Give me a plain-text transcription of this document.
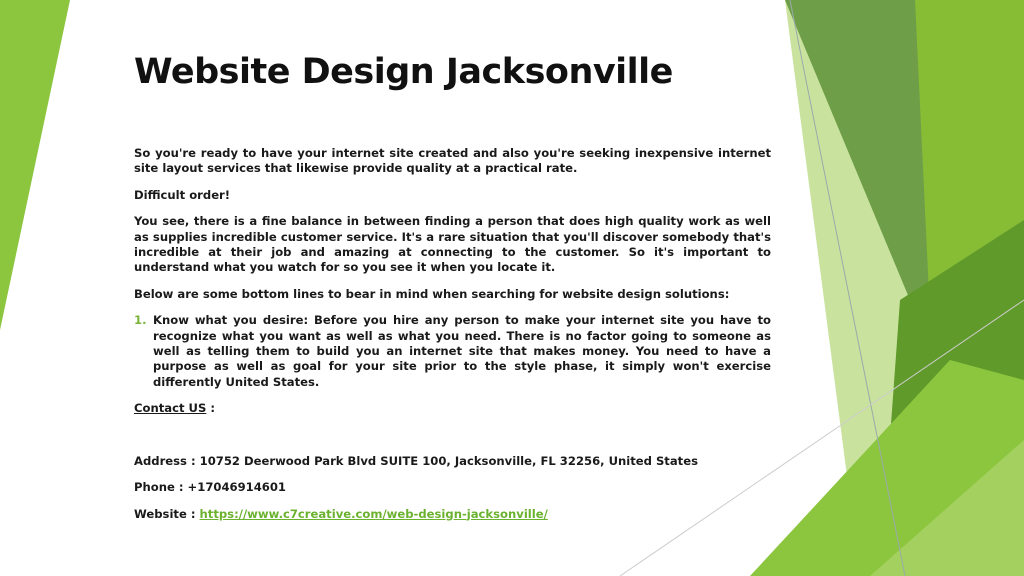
Website Design Jacksonville

So you're ready to have your internet site created and also you're seeking inexpensive internet site layout services that likewise provide quality at a practical rate.

Difficult order!

You see, there is a fine balance in between finding a person that does high quality work as well as supplies incredible customer service. It's a rare situation that you'll discover somebody that's incredible at their job and amazing at connecting to the customer. So it's important to understand what you watch for so you see it when you locate it.

Below are some bottom lines to bear in mind when searching for website design solutions:

1. Know what you desire: Before you hire any person to make your internet site you have to recognize what you want as well as what you need. There is no factor going to someone as well as telling them to build you an internet site that makes money. You need to have a purpose as well as goal for your site prior to the style phase, it simply won't exercise differently United States.

Contact US :

Address : 10752 Deerwood Park Blvd SUITE 100, Jacksonville, FL 32256, United States

Phone : +17046914601

Website : https://www.c7creative.com/web-design-jacksonville/
